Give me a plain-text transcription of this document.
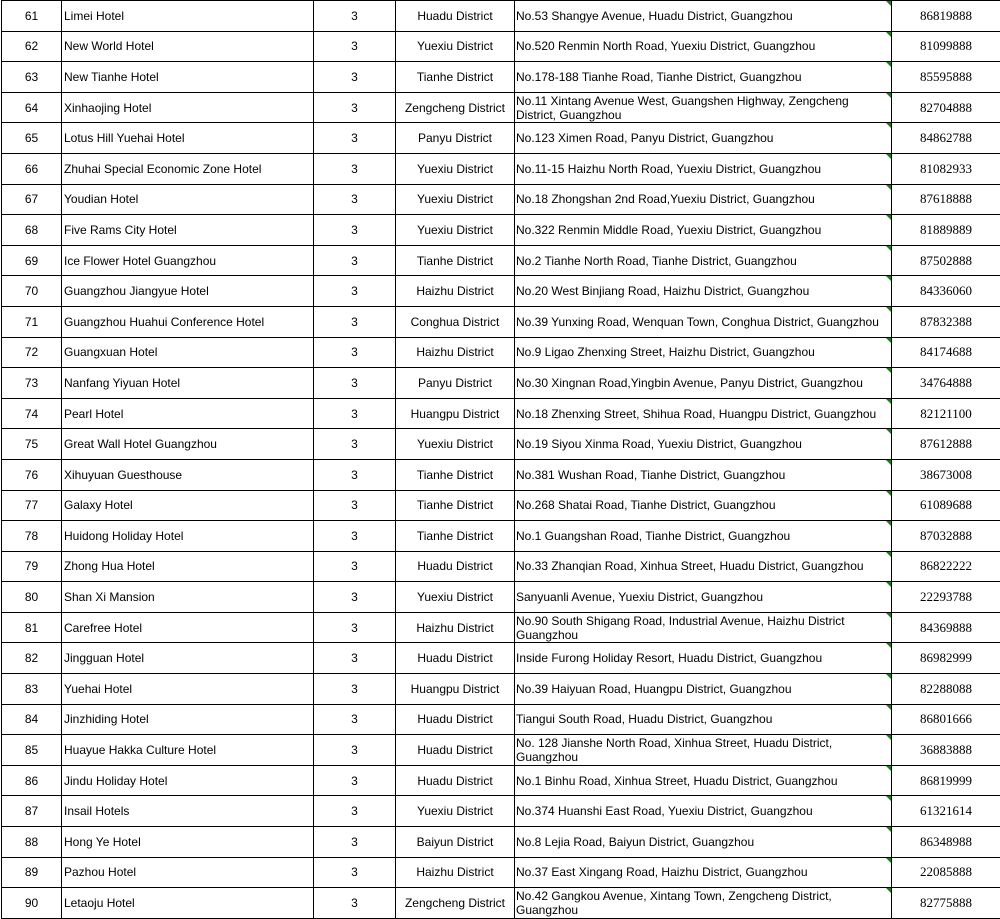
61	Limei Hotel	3	Huadu District	No.53 Shangye Avenue, Huadu District, Guangzhou	86819888
62	New World Hotel	3	Yuexiu District	No.520 Renmin North Road, Yuexiu District, Guangzhou	81099888
63	New Tianhe Hotel	3	Tianhe District	No.178-188 Tianhe Road, Tianhe District, Guangzhou	85595888
64	Xinhaojing Hotel	3	Zengcheng District	No.11 Xintang Avenue West, Guangshen Highway, Zengcheng District, Guangzhou	82704888
65	Lotus Hill Yuehai Hotel	3	Panyu District	No.123 Ximen Road, Panyu District, Guangzhou	84862788
66	Zhuhai Special Economic Zone Hotel	3	Yuexiu District	No.11-15 Haizhu North Road, Yuexiu District, Guangzhou	81082933
67	Youdian Hotel	3	Yuexiu District	No.18 Zhongshan 2nd Road,Yuexiu District, Guangzhou	87618888
68	Five Rams City Hotel	3	Yuexiu District	No.322 Renmin Middle Road, Yuexiu District, Guangzhou	81889889
69	Ice Flower Hotel Guangzhou	3	Tianhe District	No.2 Tianhe North Road, Tianhe District, Guangzhou	87502888
70	Guangzhou Jiangyue Hotel	3	Haizhu District	No.20 West Binjiang Road, Haizhu District, Guangzhou	84336060
71	Guangzhou Huahui Conference Hotel	3	Conghua District	No.39 Yunxing Road, Wenquan Town, Conghua District, Guangzhou	87832388
72	Guangxuan Hotel	3	Haizhu District	No.9 Ligao Zhenxing Street, Haizhu District, Guangzhou	84174688
73	Nanfang Yiyuan Hotel	3	Panyu District	No.30 Xingnan Road,Yingbin Avenue, Panyu District, Guangzhou	34764888
74	Pearl Hotel	3	Huangpu District	No.18 Zhenxing Street, Shihua Road, Huangpu District, Guangzhou	82121100
75	Great Wall Hotel Guangzhou	3	Yuexiu District	No.19 Siyou Xinma Road, Yuexiu District, Guangzhou	87612888
76	Xihuyuan Guesthouse	3	Tianhe District	No.381 Wushan Road, Tianhe District, Guangzhou	38673008
77	Galaxy Hotel	3	Tianhe District	No.268 Shatai Road, Tianhe District, Guangzhou	61089688
78	Huidong Holiday Hotel	3	Tianhe District	No.1 Guangshan Road, Tianhe District, Guangzhou	87032888
79	Zhong Hua Hotel	3	Huadu District	No.33 Zhanqian Road, Xinhua Street, Huadu District, Guangzhou	86822222
80	Shan Xi Mansion	3	Yuexiu District	Sanyuanli Avenue, Yuexiu District, Guangzhou	22293788
81	Carefree Hotel	3	Haizhu District	No.90 South Shigang Road, Industrial Avenue, Haizhu District Guangzhou	84369888
82	Jingguan Hotel	3	Huadu District	Inside Furong Holiday Resort, Huadu District, Guangzhou	86982999
83	Yuehai Hotel	3	Huangpu District	No.39 Haiyuan Road, Huangpu District, Guangzhou	82288088
84	Jinzhiding Hotel	3	Huadu District	Tiangui South Road, Huadu District, Guangzhou	86801666
85	Huayue Hakka Culture Hotel	3	Huadu District	No. 128 Jianshe North Road, Xinhua Street, Huadu District, Guangzhou	36883888
86	Jindu Holiday Hotel	3	Huadu District	No.1 Binhu Road, Xinhua Street, Huadu District, Guangzhou	86819999
87	Insail Hotels	3	Yuexiu District	No.374 Huanshi East Road, Yuexiu District, Guangzhou	61321614
88	Hong Ye Hotel	3	Baiyun District	No.8 Lejia Road, Baiyun District, Guangzhou	86348988
89	Pazhou Hotel	3	Haizhu District	No.37 East Xingang Road, Haizhu District, Guangzhou	22085888
90	Letaoju Hotel	3	Zengcheng District	No.42 Gangkou Avenue, Xintang Town, Zengcheng District, Guangzhou	82775888
